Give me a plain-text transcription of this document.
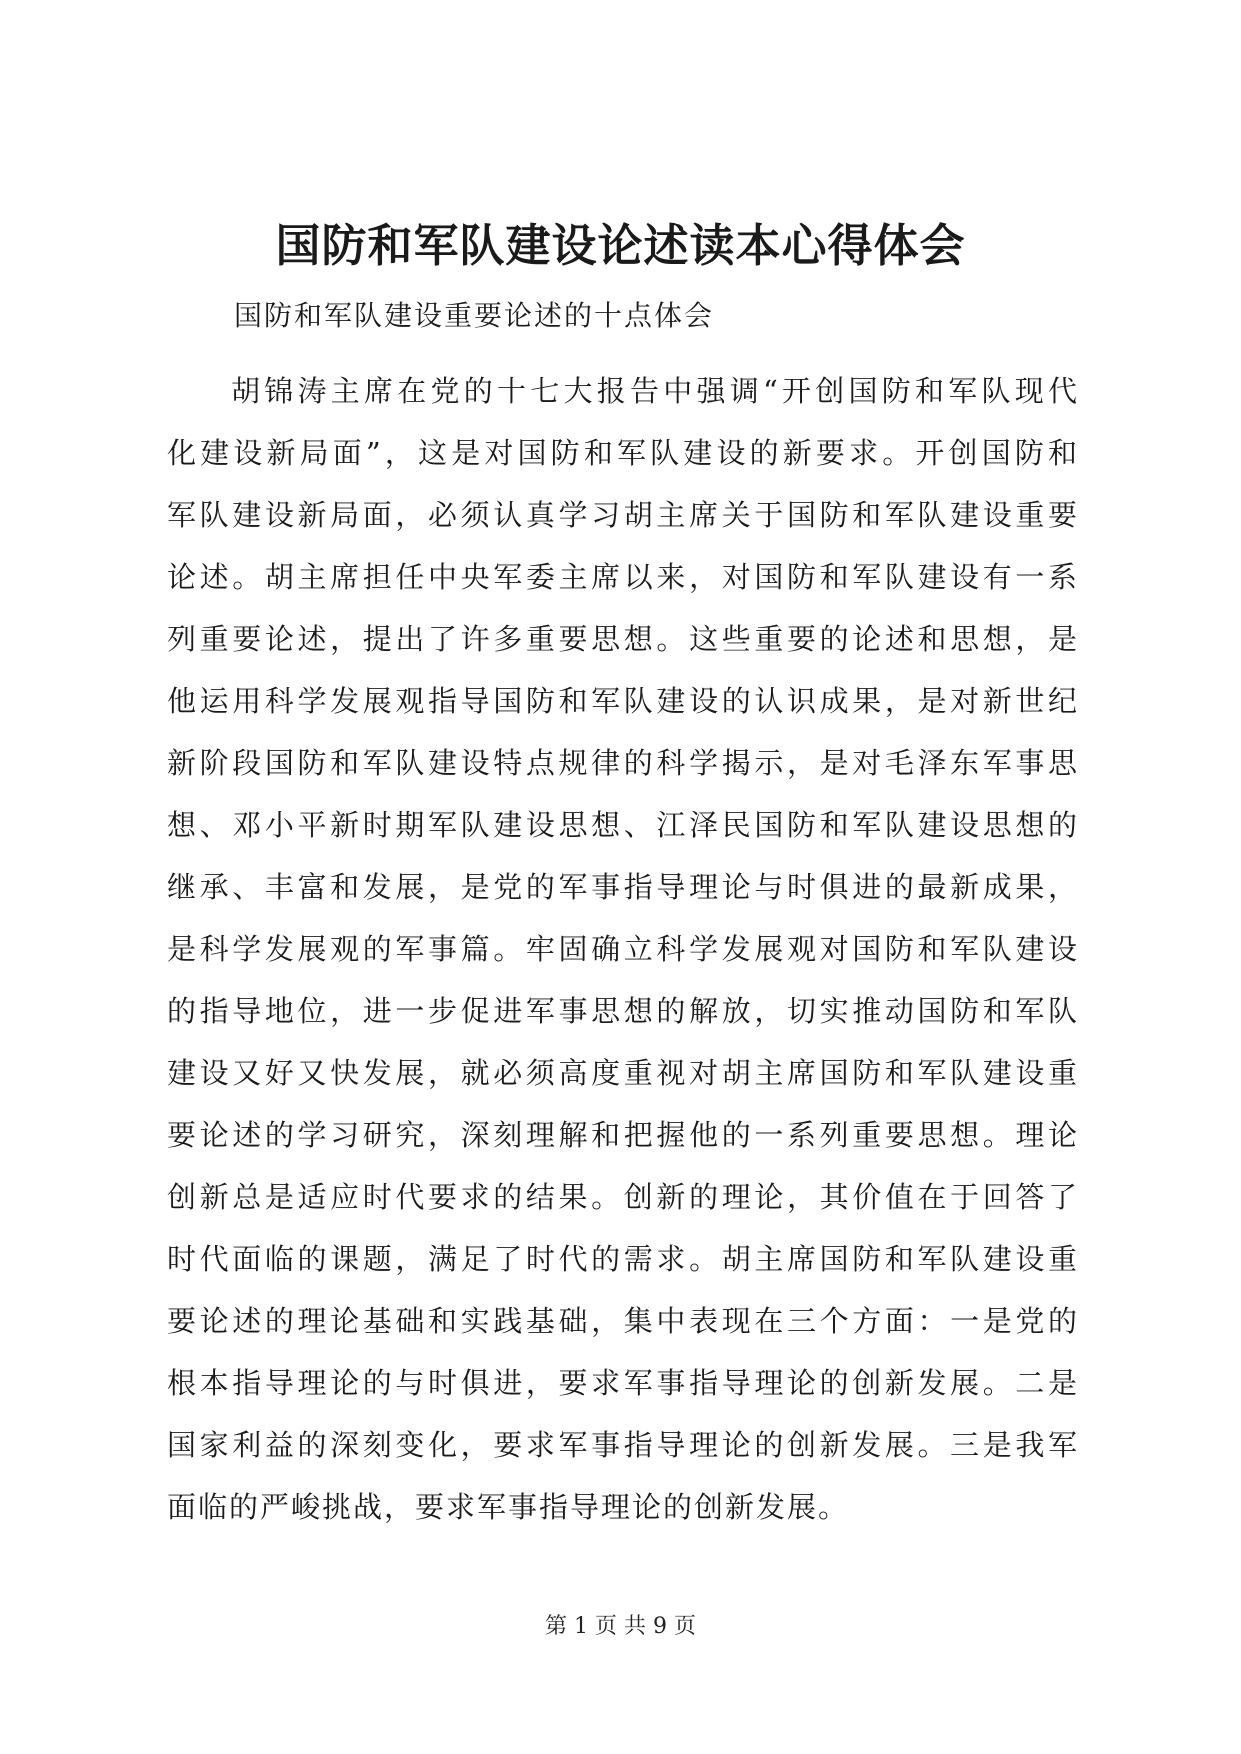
国防和军队建设论述读本心得体会

国防和军队建设重要论述的十点体会

胡锦涛主席在党的十七大报告中强调“开创国防和军队现代
化建设新局面”，这是对国防和军队建设的新要求。开创国防和
军队建设新局面，必须认真学习胡主席关于国防和军队建设重要
论述。胡主席担任中央军委主席以来，对国防和军队建设有一系
列重要论述，提出了许多重要思想。这些重要的论述和思想，是
他运用科学发展观指导国防和军队建设的认识成果，是对新世纪
新阶段国防和军队建设特点规律的科学揭示，是对毛泽东军事思
想、邓小平新时期军队建设思想、江泽民国防和军队建设思想的
继承、丰富和发展，是党的军事指导理论与时俱进的最新成果，
是科学发展观的军事篇。牢固确立科学发展观对国防和军队建设
的指导地位，进一步促进军事思想的解放，切实推动国防和军队
建设又好又快发展，就必须高度重视对胡主席国防和军队建设重
要论述的学习研究，深刻理解和把握他的一系列重要思想。理论
创新总是适应时代要求的结果。创新的理论，其价值在于回答了
时代面临的课题，满足了时代的需求。胡主席国防和军队建设重
要论述的理论基础和实践基础，集中表现在三个方面：一是党的
根本指导理论的与时俱进，要求军事指导理论的创新发展。二是
国家利益的深刻变化，要求军事指导理论的创新发展。三是我军
面临的严峻挑战，要求军事指导理论的创新发展。

第 1 页 共 9 页
